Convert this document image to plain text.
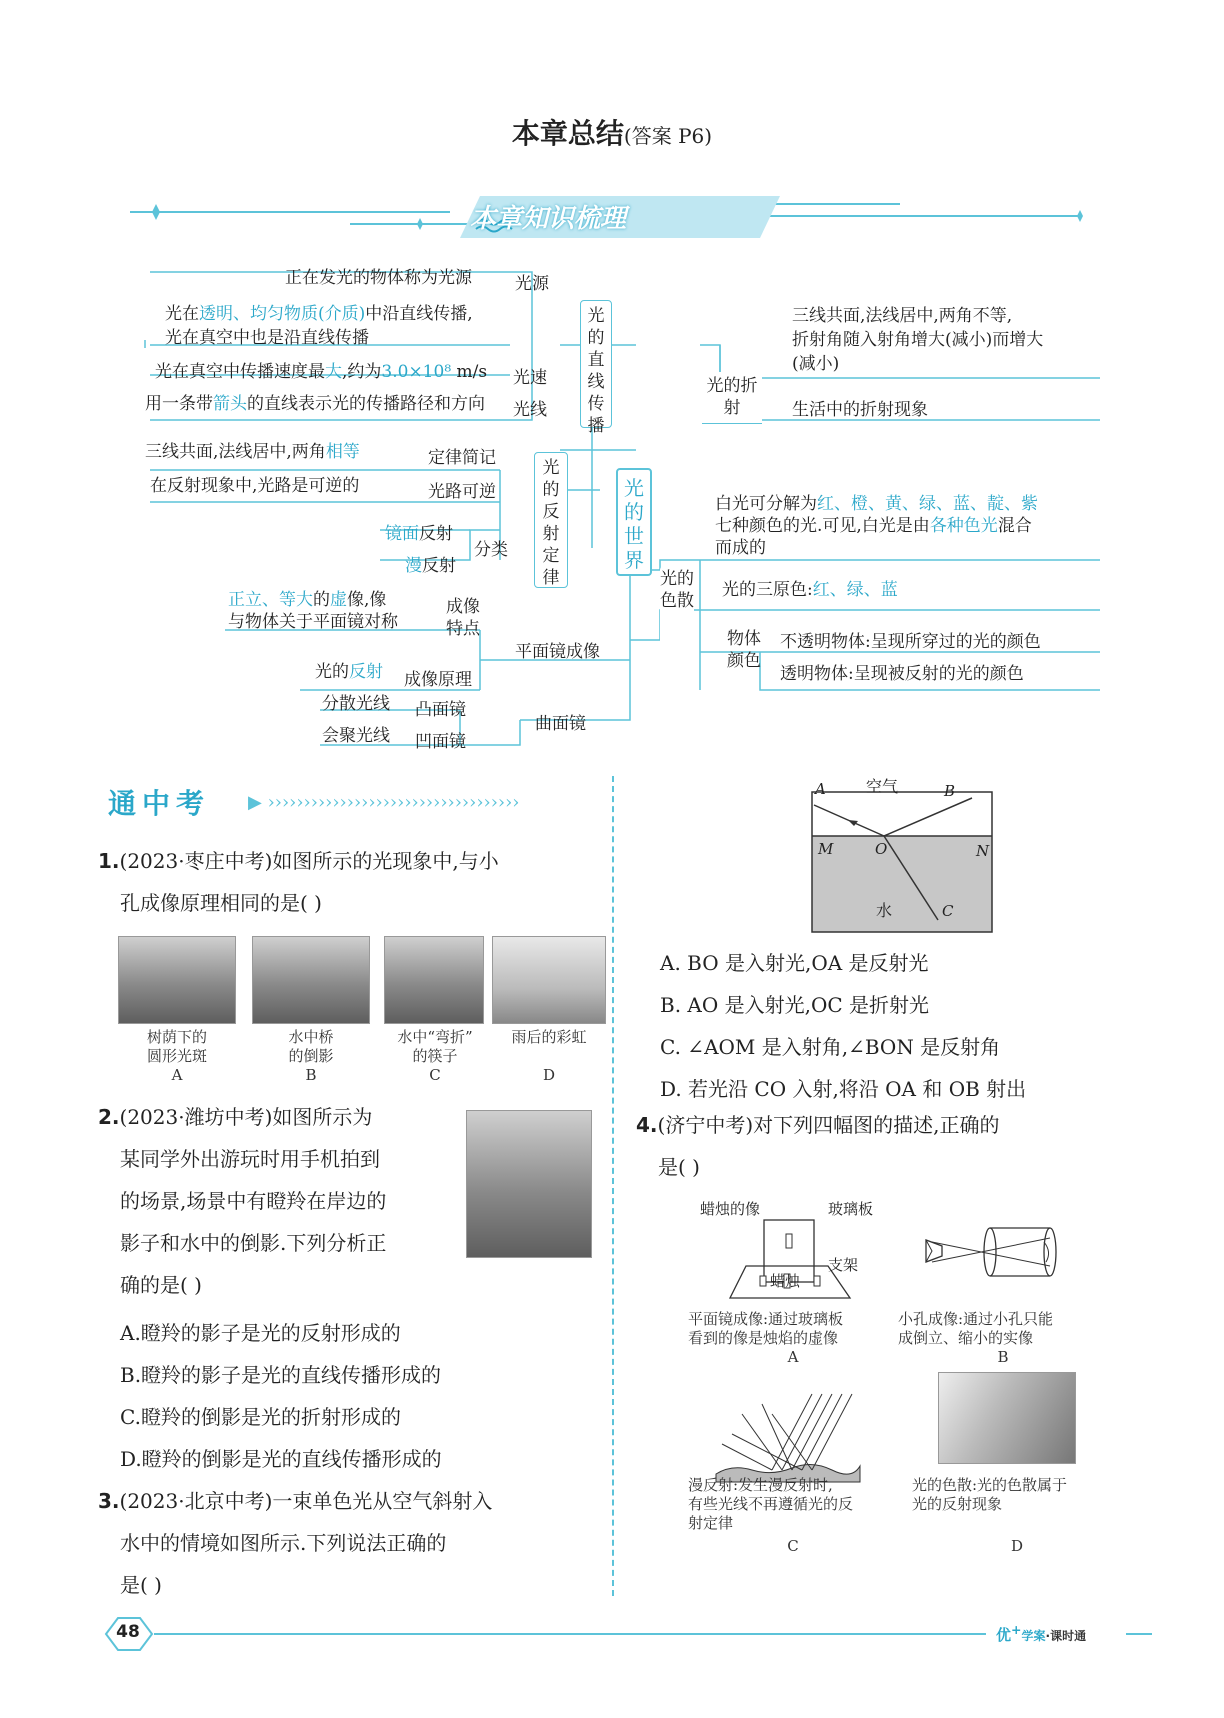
本章总结(答案 P6)
本章知识梳理
正在发光的物体称为光源	光源
光在透明、均匀物质(介质)中沿直线传播,
光在真空中也是沿直线传播
光在真空中传播速度最大,约为3.0×10⁸ m/s 光速
用一条带箭头的直线表示光的传播路径和方向 光线
光的直线传播
三线共面,法线居中,两角相等	定律简记
在反射现象中,光路是可逆的	光路可逆
镜面反射
漫反射
分类
光的反射定律
光的世界
正立、等大的虚像,像
与物体关于平面镜对称
成像特点
平面镜成像
光的反射 成像原理
分散光线 凸面镜
会聚光线 凹面镜
曲面镜
光的折射
三线共面,法线居中,两角不等,
折射角随入射角增大(减小)而增大
(减小)
生活中的折射现象
光的色散
白光可分解为红、橙、黄、绿、蓝、靛、紫
七种颜色的光.可见,白光是由各种色光混合
而成的
光的三原色:红、绿、蓝
物体颜色
不透明物体:呈现所穿过的光的颜色
透明物体:呈现被反射的光的颜色
通中考 ▶ ›››››››››››››››››››››››››››››››››››
1.(2023·枣庄中考)如图所示的光现象中,与小
孔成像原理相同的是( )
树荫下的
圆形光斑
A
水中桥
的倒影
B
水中“弯折”
的筷子
C
雨后的彩虹
D
2.(2023·潍坊中考)如图所示为
某同学外出游玩时用手机拍到
的场景,场景中有瞪羚在岸边的
影子和水中的倒影.下列分析正
确的是( )
A.瞪羚的影子是光的反射形成的
B.瞪羚的影子是光的直线传播形成的
C.瞪羚的倒影是光的折射形成的
D.瞪羚的倒影是光的直线传播形成的
3.(2023·北京中考)一束单色光从空气斜射入
水中的情境如图所示.下列说法正确的
是( )
A	空气	B
M	O	N
水	C
A. BO 是入射光,OA 是反射光
B. AO 是入射光,OC 是折射光
C. ∠AOM 是入射角,∠BON 是反射角
D. 若光沿 CO 入射,将沿 OA 和 OB 射出
4.(济宁中考)对下列四幅图的描述,正确的
是( )
蜡烛的像	玻璃板
支架
蜡烛
平面镜成像:通过玻璃板
看到的像是烛焰的虚像
A
小孔成像:通过小孔只能
成倒立、缩小的实像
B
漫反射:发生漫反射时,
有些光线不再遵循光的反
射定律
C
光的色散:光的色散属于
光的反射现象
D
48	优+学案·课时通
